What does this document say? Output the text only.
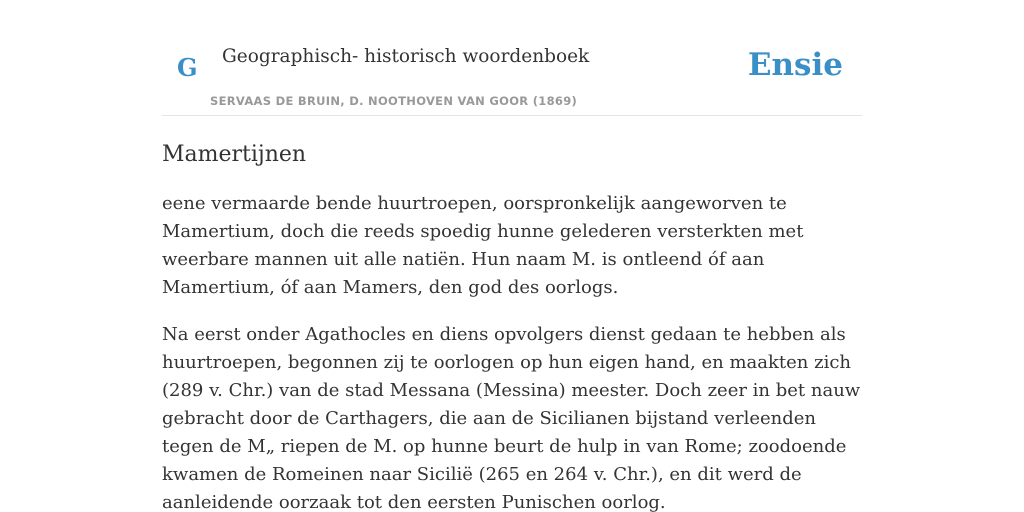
G Geographisch- historisch woordenboek
SERVAAS DE BRUIN, D. NOOTHOVEN VAN GOOR (1869)
Ensie
Mamertijnen

eene vermaarde bende huurtroepen, oorspronkelijk aangeworven te Mamertium, doch die reeds spoedig hunne gelederen versterkten met weerbare mannen uit alle natiën. Hun naam M. is ontleend óf aan Mamertium, óf aan Mamers, den god des oorlogs.

Na eerst onder Agathocles en diens opvolgers dienst gedaan te hebben als huurtroepen, begonnen zij te oorlogen op hun eigen hand, en maakten zich (289 v. Chr.) van de stad Messana (Messina) meester. Doch zeer in bet nauw gebracht door de Carthagers, die aan de Sicilianen bijstand verleenden tegen de M„ riepen de M. op hunne beurt de hulp in van Rome; zoodoende kwamen de Romeinen naar Sicilië (265 en 264 v. Chr.), en dit werd de aanleidende oorzaak tot den eersten Punischen oorlog.
